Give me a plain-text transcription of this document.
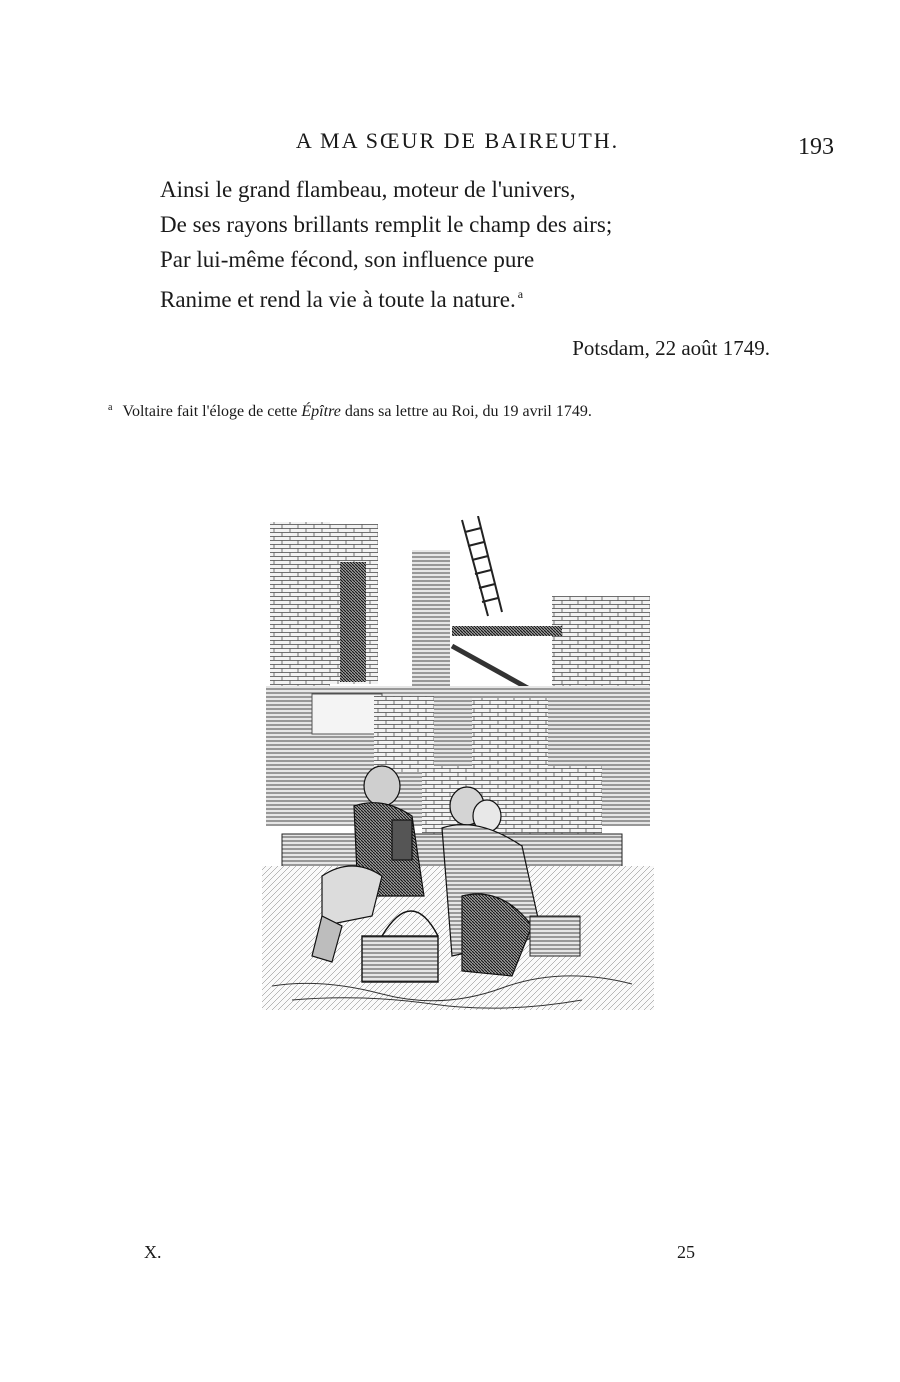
A MA SŒUR DE BAIREUTH.	193
Ainsi le grand flambeau, moteur de l'univers,
De ses rayons brillants remplit le champ des airs;
Par lui-même fécond, son influence pure
Ranime et rend la vie à toute la nature. $^a$
Potsdam, 22 août 1749.
$^a$ Voltaire fait l'éloge de cette Épître dans sa lettre au Roi, du 19 avril 1749.
X.	25
